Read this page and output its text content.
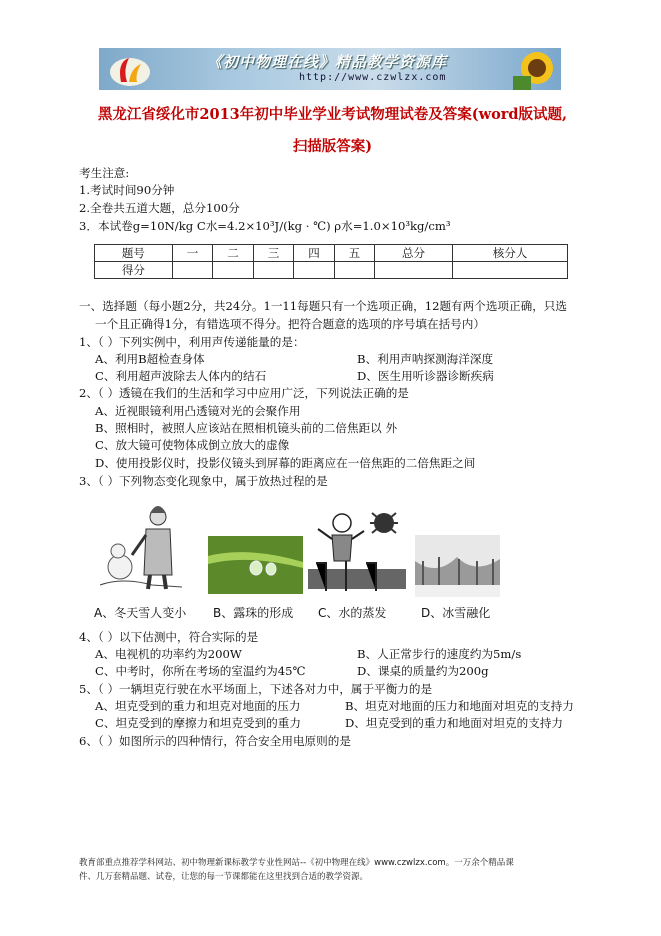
《初中物理在线》精品教学资源库
http://www.czwlzx.com
黑龙江省绥化市2013年初中毕业学业考试物理试卷及答案(word版试题,
扫描版答案)
考生注意:
1.考试时间90分钟
2.全卷共五道大题，总分100分
3．本试卷g=10N/kg C水=4.2×10³J/(kg · ℃) ρ水=1.0×10³kg/cm³
题号	一	二	三	四	五	总分	核分人
得分							
一、选择题（每小题2分，共24分。1一11每题只有一个选项正确，12题有两个选项正确，只选
一个且正确得1分，有错选项不得分。把符合题意的选项的序号填在括号内）
1、（ ）下列实例中，利用声传递能量的是：
A、利用B超检查身体	B、利用声呐探测海洋深度
C、利用超声波除去人体内的结石	D、医生用听诊器诊断疾病
2、（ ）透镜在我们的生活和学习中应用广泛，下列说法正确的是
A、近视眼镜利用凸透镜对光的会聚作用
B、照相时，被照人应该站在照相机镜头前的二倍焦距以 外
C、放大镜可使物体成倒立放大的虚像
D、使用投影仪时，投影仪镜头到屏幕的距离应在一倍焦距的二倍焦距之间
3、（ ）下列物态变化现象中，属于放热过程的是
A、冬天雪人变小 B、露珠的形成 C、水的蒸发	D、冰雪融化
4、（ ）以下估测中，符合实际的是
A、电视机的功率约为200W	B、人正常步行的速度约为5m/s
C、中考时，你所在考场的室温约为45℃	D、课桌的质量约为200g
5、（ ）一辆坦克行驶在水平场面上，下述各对力中，属于平衡力的是
A、坦克受到的重力和坦克对地面的压力	B、坦克对地面的压力和地面对坦克的支持力
C、坦克受到的摩擦力和坦克受到的重力	D、坦克受到的重力和地面对坦克的支持力
6、（ ）如图所示的四种情行，符合安全用电原则的是
教育部重点推荐学科网站、初中物理新课标教学专业性网站--《初中物理在线》www.czwlzx.com。一万余个精品课
件、几万套精品题、试卷，让您的每一节课都能在这里找到合适的教学资源。
